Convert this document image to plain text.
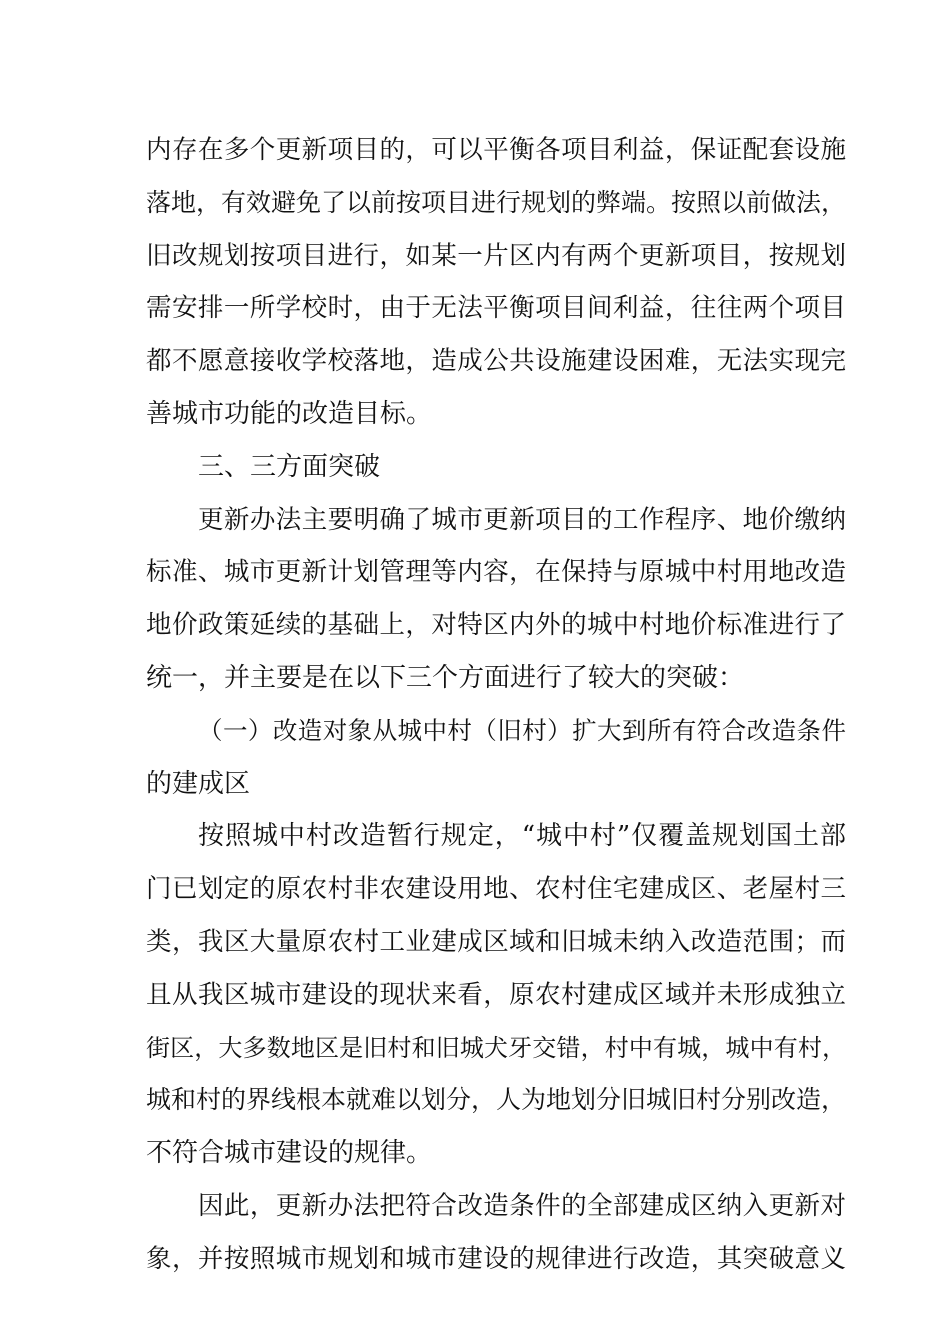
内存在多个更新项目的，可以平衡各项目利益，保证配套设施
落地，有效避免了以前按项目进行规划的弊端。按照以前做法，
旧改规划按项目进行，如某一片区内有两个更新项目，按规划
需安排一所学校时，由于无法平衡项目间利益，往往两个项目
都不愿意接收学校落地，造成公共设施建设困难，无法实现完
善城市功能的改造目标。
三、三方面突破
更新办法主要明确了城市更新项目的工作程序、地价缴纳
标准、城市更新计划管理等内容，在保持与原城中村用地改造
地价政策延续的基础上，对特区内外的城中村地价标准进行了
统一，并主要是在以下三个方面进行了较大的突破：
（一）改造对象从城中村（旧村）扩大到所有符合改造条件
的建成区
按照城中村改造暂行规定，“城中村”仅覆盖规划国土部
门已划定的原农村非农建设用地、农村住宅建成区、老屋村三
类，我区大量原农村工业建成区域和旧城未纳入改造范围；而
且从我区城市建设的现状来看，原农村建成区域并未形成独立
街区，大多数地区是旧村和旧城犬牙交错，村中有城，城中有村，
城和村的界线根本就难以划分，人为地划分旧城旧村分别改造，
不符合城市建设的规律。
因此，更新办法把符合改造条件的全部建成区纳入更新对
象，并按照城市规划和城市建设的规律进行改造，其突破意义
